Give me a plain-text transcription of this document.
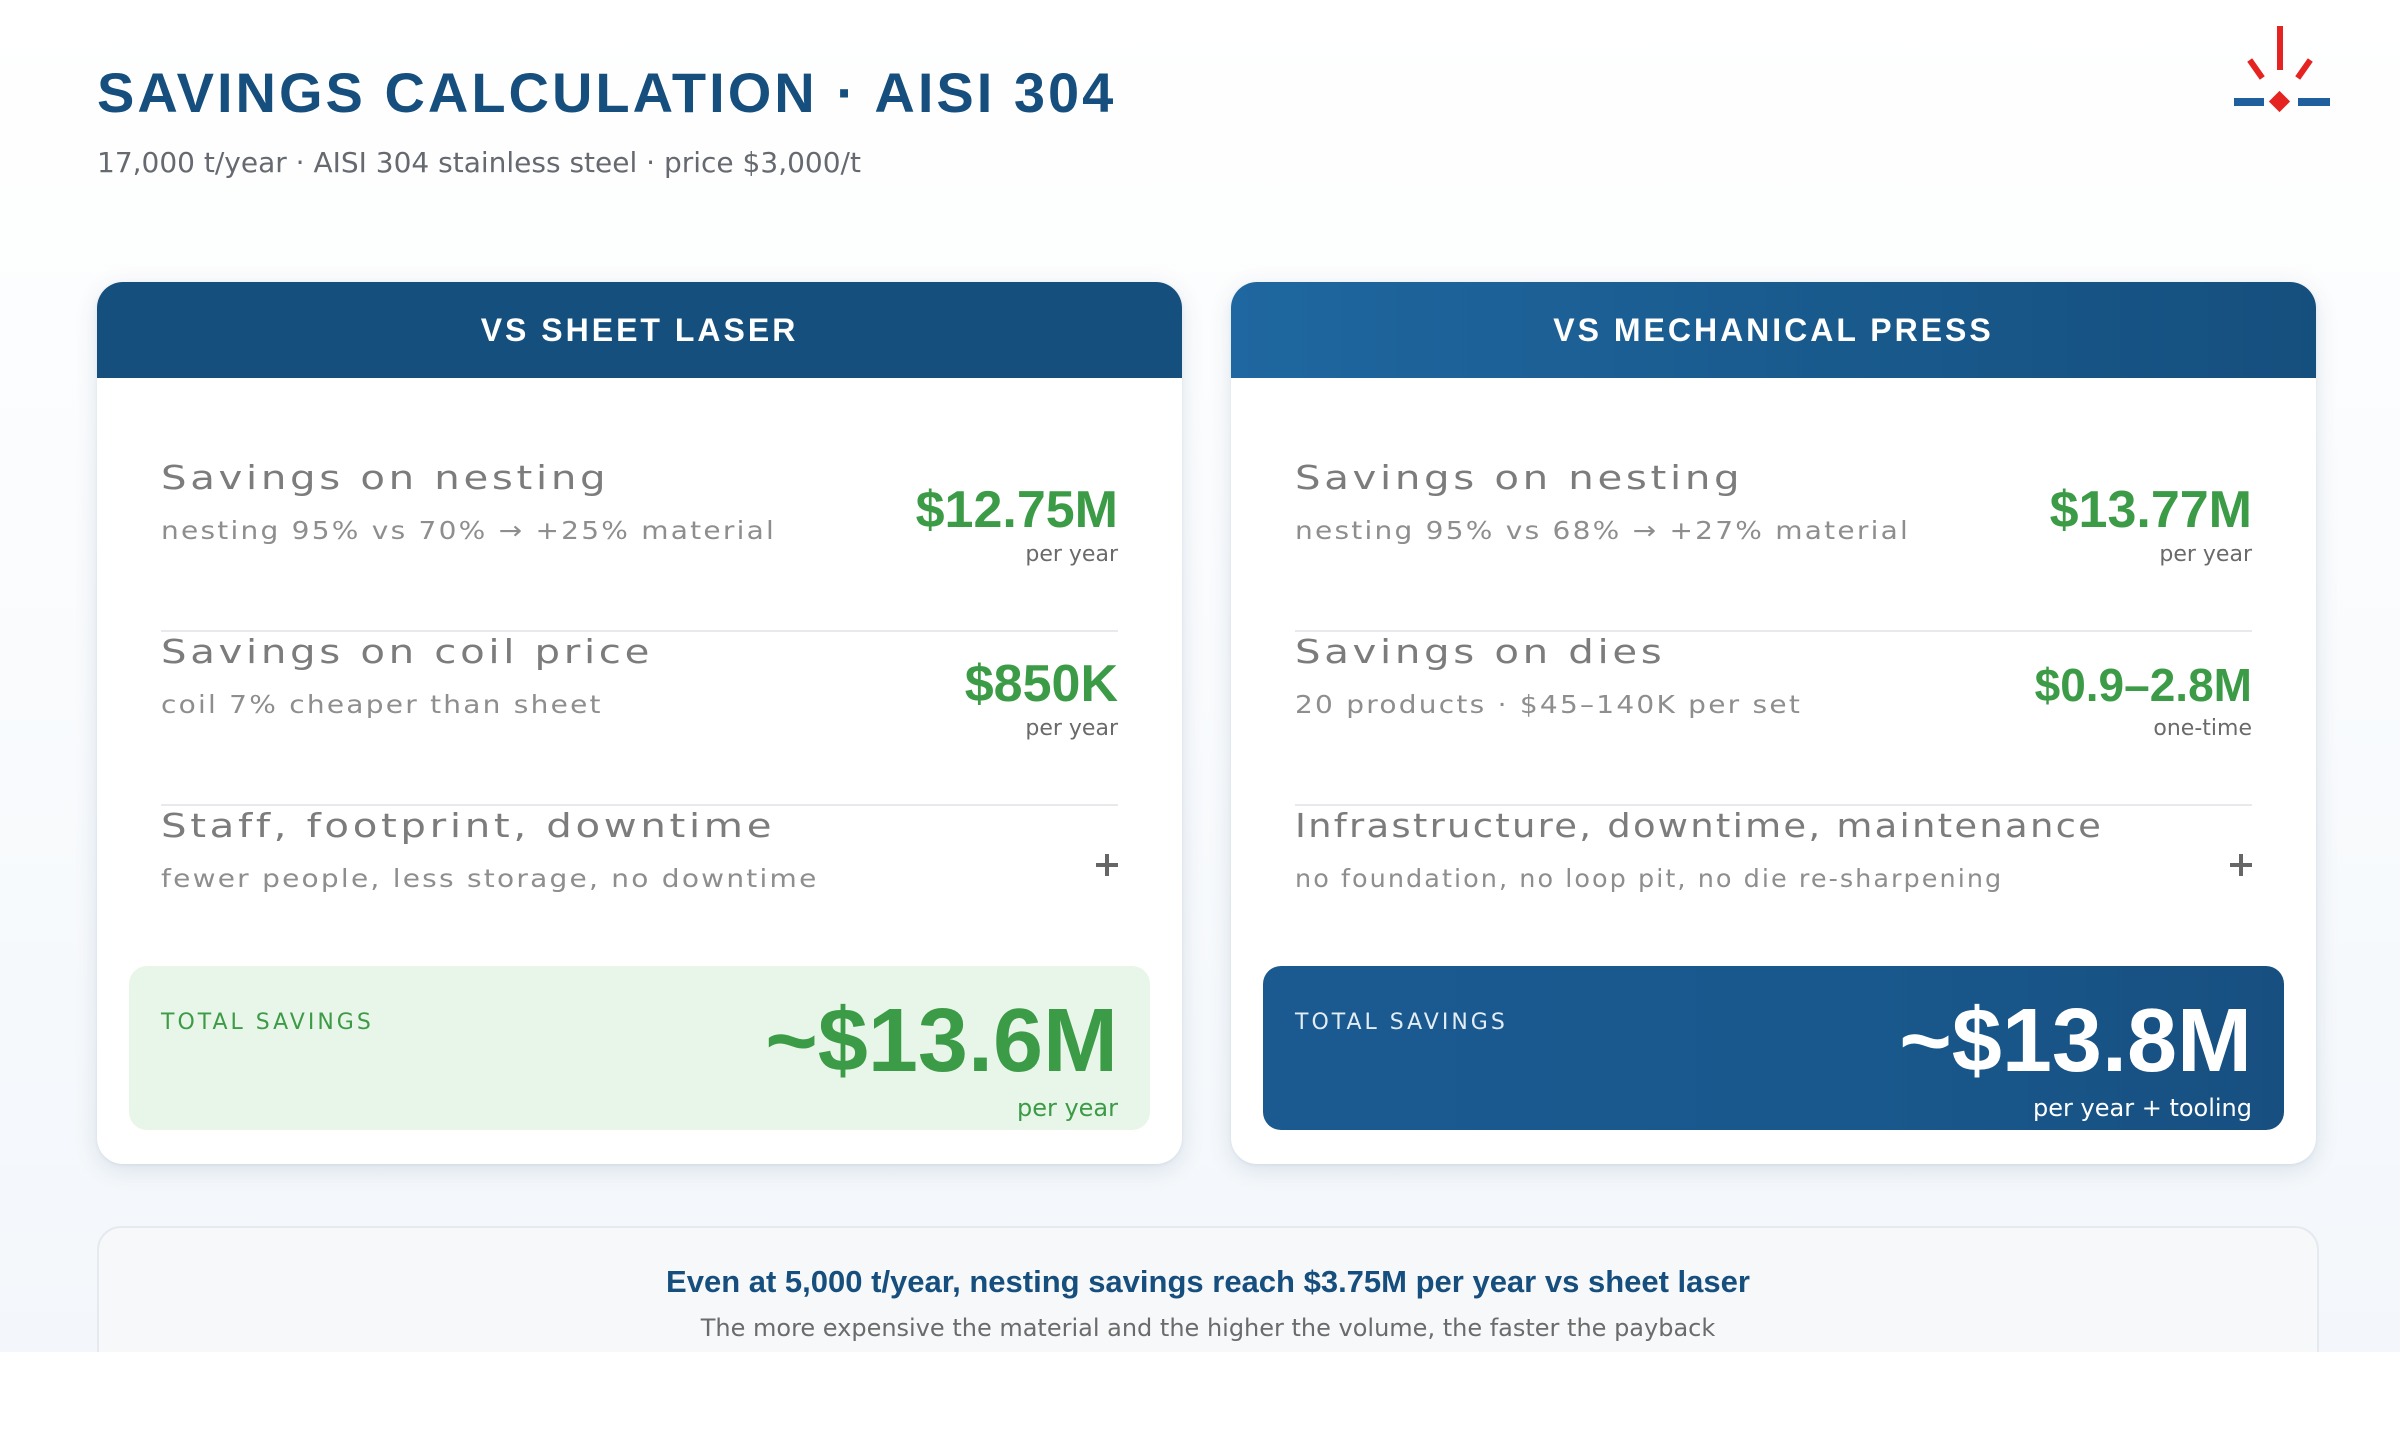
SAVINGS CALCULATION · AISI 304

17,000 t/year · AISI 304 stainless steel · price $3,000/t

VS SHEET LASER
Savings on nesting
nesting 95% vs 70% → +25% material	$12.75M
per year
Savings on coil price
coil 7% cheaper than sheet	$850K
per year
Staff, footprint, downtime
fewer people, less storage, no downtime
TOTAL SAVINGS	~$13.6M
per year
VS MECHANICAL PRESS
Savings on nesting
nesting 95% vs 68% → +27% material	$13.77M
per year
Savings on dies
20 products · $45–140K per set	$0.9–2.8M
one-time
Infrastructure, downtime, maintenance
no foundation, no loop pit, no die re-sharpening
TOTAL SAVINGS	~$13.8M
per year + tooling
Even at 5,000 t/year, nesting savings reach $3.75M per year vs sheet laser
The more expensive the material and the higher the volume, the faster the payback
